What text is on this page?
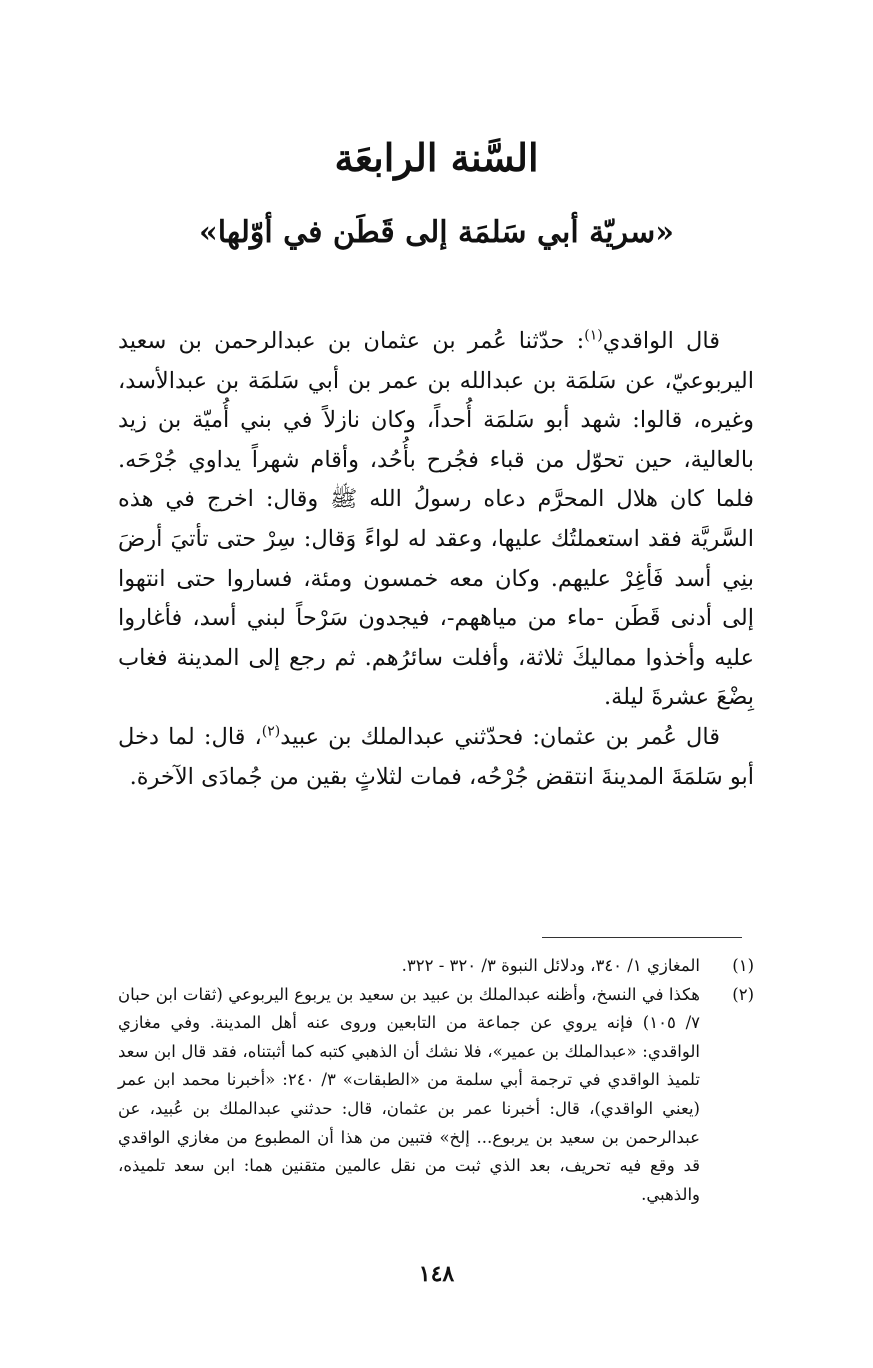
السَّنة الرابعَة
«سريّة أبي سَلمَة إلى قَطَن في أوّلها»

قال الواقدي$^{(١)}$: حدّثنا عُمر بن عثمان بن عبدالرحمن بن سعيد اليربوعيّ، عن سَلمَة بن عبدالله بن عمر بن أبي سَلمَة بن عبدالأسد، وغيره، قالوا: شهد أبو سَلمَة أُحداً، وكان نازلاً في بني أُميّة بن زيد بالعالية، حين تحوّل من قباء فجُرح بأُحُد، وأقام شهراً يداوي جُرْحَه. فلما كان هلال المحرَّم دعاه رسولُ الله ﷺ وقال: اخرج في هذه السَّريَّة فقد استعملتُك عليها، وعقد له لواءً وَقال: سِرْ حتى تأتيَ أرضَ بنِي أسد فَأغِرْ عليهم. وكان معه خمسون ومئة، فساروا حتى انتهوا إلى أدنى قَطَن -ماء من مياههم-، فيجدون سَرْحاً لبني أسد، فأغاروا عليه وأخذوا مماليكَ ثلاثة، وأفلت سائرُهم. ثم رجع إلى المدينة فغاب بِضْعَ عشرةَ ليلة.

قال عُمر بن عثمان: فحدّثني عبدالملك بن عبيد$^{(٢)}$، قال: لما دخل أبو سَلمَةَ المدينةَ انتقض جُرْحُه، فمات لثلاثٍ بقين من جُمادَى الآخرة.

(١)
المغازي ١/ ٣٤٠، ودلائل النبوة ٣/ ٣٢٠ - ٣٢٢.
(٢)
هكذا في النسخ، وأظنه عبدالملك بن عبيد بن سعيد بن يربوع اليربوعي (ثقات ابن حبان ٧/ ١٠٥) فإنه يروي عن جماعة من التابعين وروى عنه أهل المدينة. وفي مغازي الواقدي: «عبدالملك بن عمير»، فلا نشك أن الذهبي كتبه كما أثبتناه، فقد قال ابن سعد تلميذ الواقدي في ترجمة أبي سلمة من «الطبقات» ٣/ ٢٤٠: «أخبرنا محمد ابن عمر (يعني الواقدي)، قال: أخبرنا عمر بن عثمان، قال: حدثني عبدالملك بن عُبيد، عن عبدالرحمن بن سعيد بن يربوع... إلخ» فتبين من هذا أن المطبوع من مغازي الواقدي قد وقع فيه تحريف، بعد الذي ثبت من نقل عالمين متقنين هما: ابن سعد تلميذه، والذهبي.
١٤٨
